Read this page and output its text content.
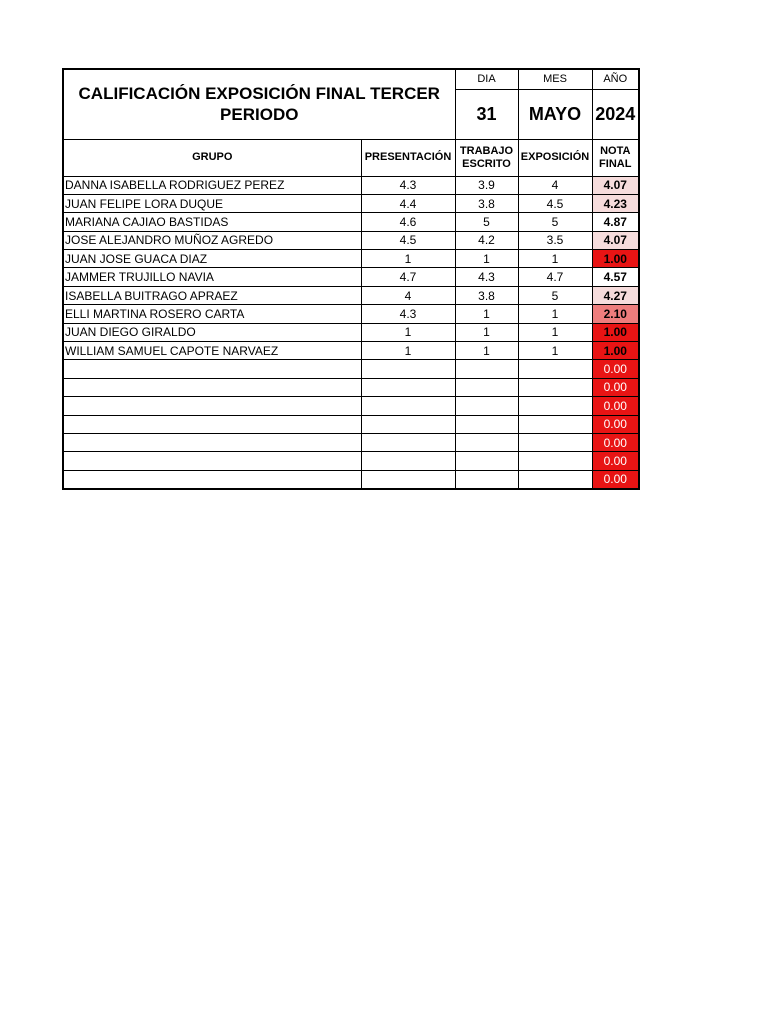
CALIFICACIÓN EXPOSICIÓN FINAL TERCER PERIODO		DIA	MES	AÑO
		31	MAYO	2024
GRUPO	PRESENTACIÓN	TRABAJO ESCRITO	EXPOSICIÓN	NOTA FINAL
DANNA ISABELLA RODRIGUEZ PEREZ	4.3	3.9	4	4.07
JUAN FELIPE LORA DUQUE	4.4	3.8	4.5	4.23
MARIANA CAJIAO BASTIDAS	4.6	5	5	4.87
JOSE ALEJANDRO MUÑOZ AGREDO	4.5	4.2	3.5	4.07
JUAN JOSE GUACA DIAZ	1	1	1	1.00
JAMMER TRUJILLO NAVIA	4.7	4.3	4.7	4.57
ISABELLA BUITRAGO APRAEZ	4	3.8	5	4.27
ELLI MARTINA ROSERO CARTA	4.3	1	1	2.10
JUAN DIEGO GIRALDO	1	1	1	1.00
WILLIAM SAMUEL CAPOTE NARVAEZ	1	1	1	1.00
				0.00
				0.00
				0.00
				0.00
				0.00
				0.00
				0.00
